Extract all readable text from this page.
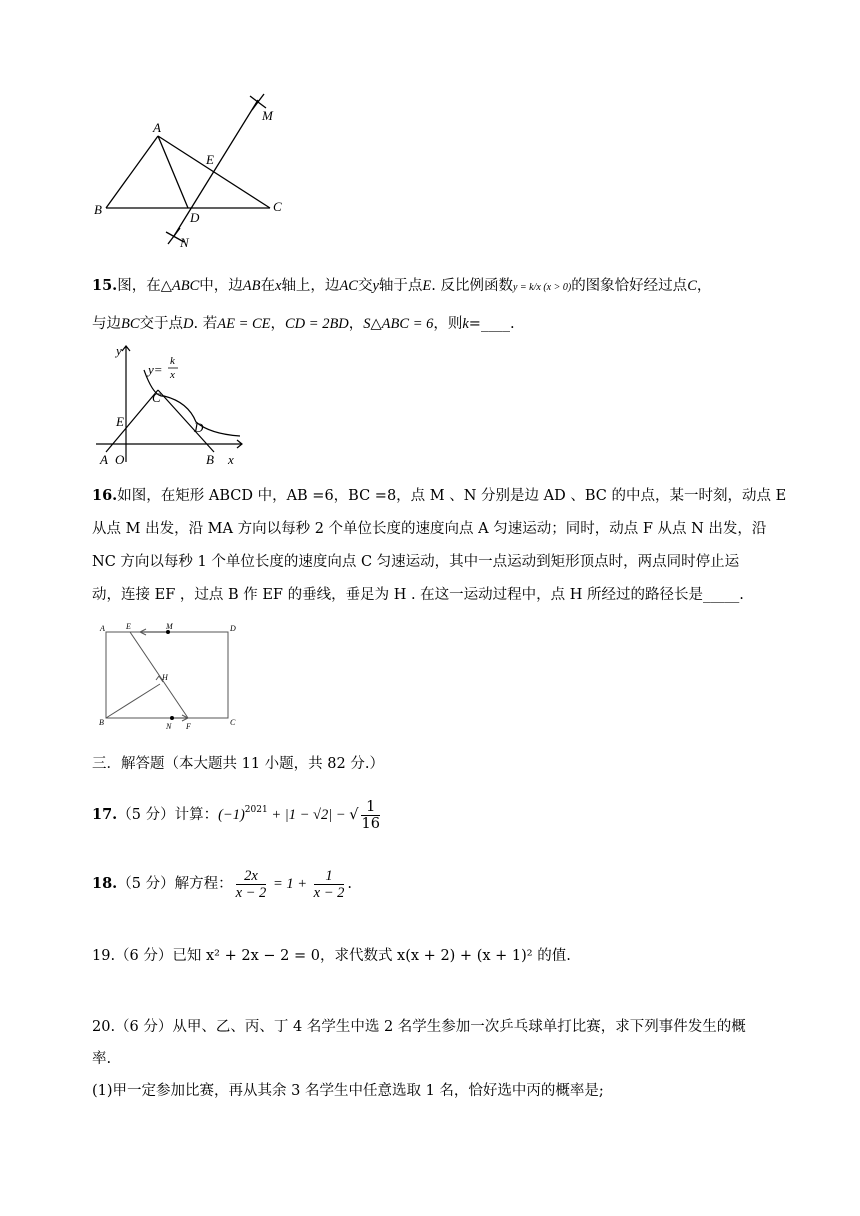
A
B	C
D
E
M
N
15.图，在△ABC中，边AB在x轴上，边AC交y轴于点E. 反比例函数y = k/x (x > 0)的图象恰好经过点C，
与边BC交于点D. 若AE = CE，CD = 2BD，S△ABC = 6，则k=____.
y
y=
k
x
C
E	D
A O	B x
16.如图，在矩形 ABCD 中，AB =6，BC =8，点 M 、N 分别是边 AD 、BC 的中点，某一时刻，动点 E
从点 M 出发，沿 MA 方向以每秒 2 个单位长度的速度向点 A 匀速运动；同时，动点 F 从点 N 出发，沿
NC 方向以每秒 1 个单位长度的速度向点 C 匀速运动，其中一点运动到矩形顶点时，两点同时停止运
动，连接 EF ，过点 B 作 EF 的垂线，垂足为 H . 在这一运动过程中，点 H 所经过的路径长是_____.
A	E	M	D
H
B	N F	C
三．解答题（本大题共 11 小题，共 82 分.）
17.（5 分）计算：$(-1)^{2021} + |1 - √2|$ − √ $\frac{1}{16}$
18.（5 分）解方程： $\frac{2x}{x - 2} = 1 + \frac{1}{x - 2}$ .
19.（6 分）已知 x² + 2x − 2 = 0，求代数式 x(x + 2) + (x + 1)² 的值.
20.（6 分）从甲、乙、丙、丁 4 名学生中选 2 名学生参加一次乒乓球单打比赛，求下列事件发生的概
率.
(1)甲一定参加比赛，再从其余 3 名学生中任意选取 1 名，恰好选中丙的概率是;
